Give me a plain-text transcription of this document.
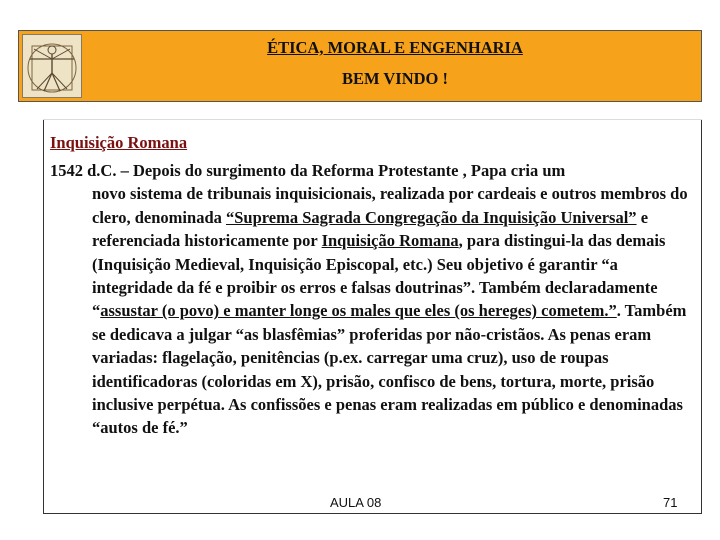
ÉTICA, MORAL E ENGENHARIA
BEM VINDO !
Inquisição Romana
1542 d.C. – Depois do surgimento da Reforma Protestante , Papa cria um
novo sistema de tribunais inquisicionais, realizada por cardeais e outros membros do clero, denominada “Suprema Sagrada Congregação da Inquisição Universal” e referenciada historicamente por Inquisição Romana, para distingui-la das demais (Inquisição Medieval, Inquisição Episcopal, etc.) Seu objetivo é garantir “a integridade da fé e proibir os erros e falsas doutrinas”. Também declaradamente “assustar (o povo) e manter longe os males que eles (os hereges) cometem.”. Também se dedicava a julgar “as blasfêmias” proferidas por não-cristãos. As penas eram variadas: flagelação, penitências (p.ex. carregar uma cruz), uso de roupas identificadoras (coloridas em X), prisão, confisco de bens, tortura, morte, prisão inclusive perpétua. As confissões e penas eram realizadas em público e denominadas “autos de fé.”
AULA 08	71
